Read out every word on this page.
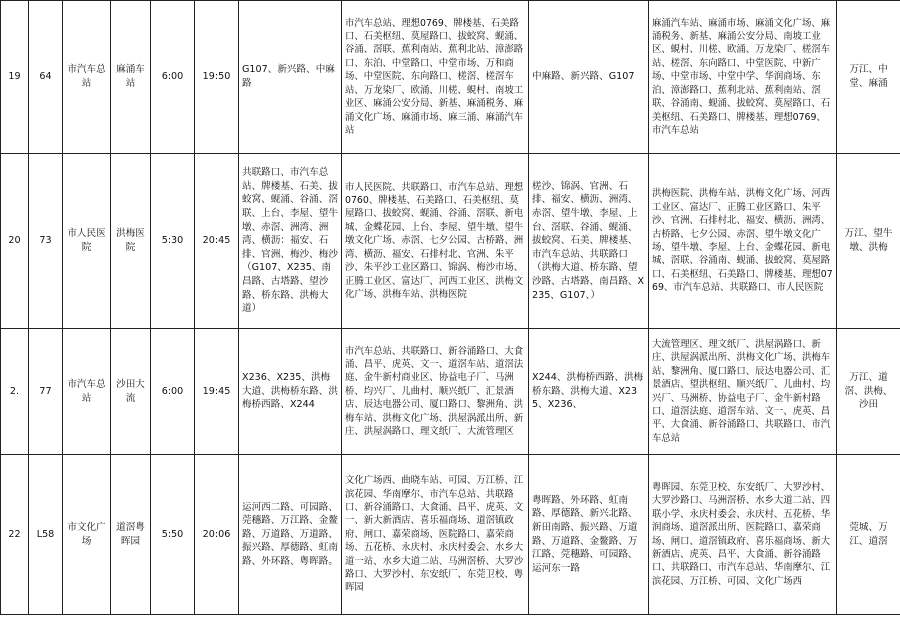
19	64	市汽车总站	麻涌车站	6:00	19:50	G107、新兴路、中麻路	市汽车总站、理想0769、牌楼基、石美路口、石美枢纽、莫屋路口、拔蛟窝、蚬涌、谷涌、滘联、蕉利南站、蕉利北站、漳澎路口、东泊、中堂路口、中堂市场、万和商场、中堂医院、东向路口、槎滘、槎滘车站、万龙染厂、欧涌、川槎、蜆村、南坡工业区、麻涌公安分局、新基、麻涌税务、麻涌文化广场、麻涌市场、麻三涌、麻涌汽车站	中麻路、新兴路、G107	麻涌汽车站、麻涌市场、麻涌文化广场、麻涌税务、新基、麻涌公安分局、南坡工业区、蜆村、川槎、欧涌、万龙染厂、槎滘车站、槎滘、东向路口、中堂医院、中新广场、中堂市场、中堂中学、华润商场、东泊、漳澎路口、蕉利北站、蕉利南站、滘联、谷涌南、蚬涌、拔蛟窝、莫屋路口、石美枢纽、石美路口、牌楼基、理想0769、市汽车总站	万江、中堂、麻涌
20	73	市人民医院	洪梅医院	5:30	20:45	共联路口、市汽车总站、牌楼基、石美、拔蛟窝、蚬涌、谷涌、滘联、上台、李屋、望牛墩、赤滘、洲湾、洲湾、横沥：福安、石排、官洲、梅沙、梅沙（G107、X235、南昌路、古塔路、望沙路、桥东路、洪梅大道）	市人民医院、共联路口、市汽车总站、理想0760、牌楼基、石美路口、石美枢纽、莫屋路口、拔蛟窝、蚬涌、谷涌、滘联、新电城、金蝶花园、上台、李屋、望牛墩、望牛墩文化广场、赤滘、七夕公园、古桥路、洲湾、横沥、福安、石排村北、官洲、朱平沙、朱平沙工业区路口、锦涡、梅沙市场、正腾工业区、富达厂、河西工业区、洪梅文化广场、洪梅车站、洪梅医院	槎沙、锦涡、官洲、石排、福安、横沥、洲湾、赤滘、望牛墩、李屋、上台、滘联、谷涌、蚬涌、拔蛟窝、石美、牌楼基、市汽车总站、共联路口（洪梅大道、桥东路、望沙路、古塔路、南昌路、X235、G107、）	洪梅医院、洪梅车站、洪梅文化广场、河西工业区、富达厂、正腾工业区路口、朱平沙、官洲、石排村北、福安、横沥、洲湾、古桥路、七夕公园、赤滘、望牛墩文化广场、望牛墩、李屋、上台、金蝶花园、新电城、滘联、谷涌南、蚬涌、拔蛟窝、莫屋路口、石美枢纽、石美路口、牌楼基、理想0769、市汽车总站、共联路口、市人民医院	万江、望牛墩、洪梅
2.	77	市汽车总站	沙田大流	6:00	19:45	X236、X235、洪梅大道、洪梅桥东路、洪梅桥西路、X244	市汽车总站、共联路口、新谷涌路口、大食涌、昌平、虎英、文一、道滘车站、道滘法庭、金牛新村商业区、协益电子厂、马洲桥、均兴厂、儿曲村、顺兴纸厂、汇景酒店、辰达电器公司、厦口路口、黎洲角、洪梅车站、洪梅文化广场、洪屋涡派出所、新庄、洪屋涡路口、理文纸厂、大流管理区	X244、洪梅桥西路、洪梅桥东路、洪梅大道、X235、X236、	大流管理区、理文纸厂、洪屋涡路口、新庄、洪屋涡派出所、洪梅文化广场、洪梅车站、黎洲角、厦口路口、辰达电器公司、汇景酒店、望洪枢纽、顺兴纸厂、儿曲村、均兴厂、马洲桥、协益电子厂、金牛新村路口、道滘法庭、道滘车站、文一、虎英、昌平、大食涌、新谷涌路口、共联路口、市汽车总站	万江、道滘、洪梅、沙田
22	L58	市文化广场	道滘粤晖园	5:50	20:06	运河西二路、可园路、莞穗路、万江路、金鳌路、万道路、万道路、振兴路、厚德路、虹南路、外环路、粤晖路。	文化广场西、曲晓车站、可园、万江桥、江滨花园、华南摩尔、市汽车总站、共联路口、新谷涌路口、大食涌、昌平、虎英、文一、新大新酒店、喜乐福商场、道滘镇政府、闸口、嘉荣商场、医院路口、嘉荣商场、五花桥、永庆村、永庆村委会、水乡大道一站、水乡大道二站、马洲滘桥、大罗沙路口、大罗沙村、东安纸厂、东莞卫校、粤晖园	粤晖路、外环路、虹南路、厚德路、新兴北路、新田南路、振兴路、万道路、万道路、金鳌路、万江路、莞穗路、可园路、运河东一路	粤晖园、东莞卫校、东安纸厂、大罗沙村、大罗沙路口、马洲滘桥、水乡大道二站、四联小学、永庆村委会、永庆村、五花桥、华润商场、道滘派出所、医院路口、嘉荣商场、闸口、道滘镇政府、喜乐福商场、新大新酒店、虎英、昌平、大食涌、新谷涌路口、共联路口、市汽车总站、华南摩尔、江滨花园、万江桥、可园、文化广场西	莞城、万江、道滘
